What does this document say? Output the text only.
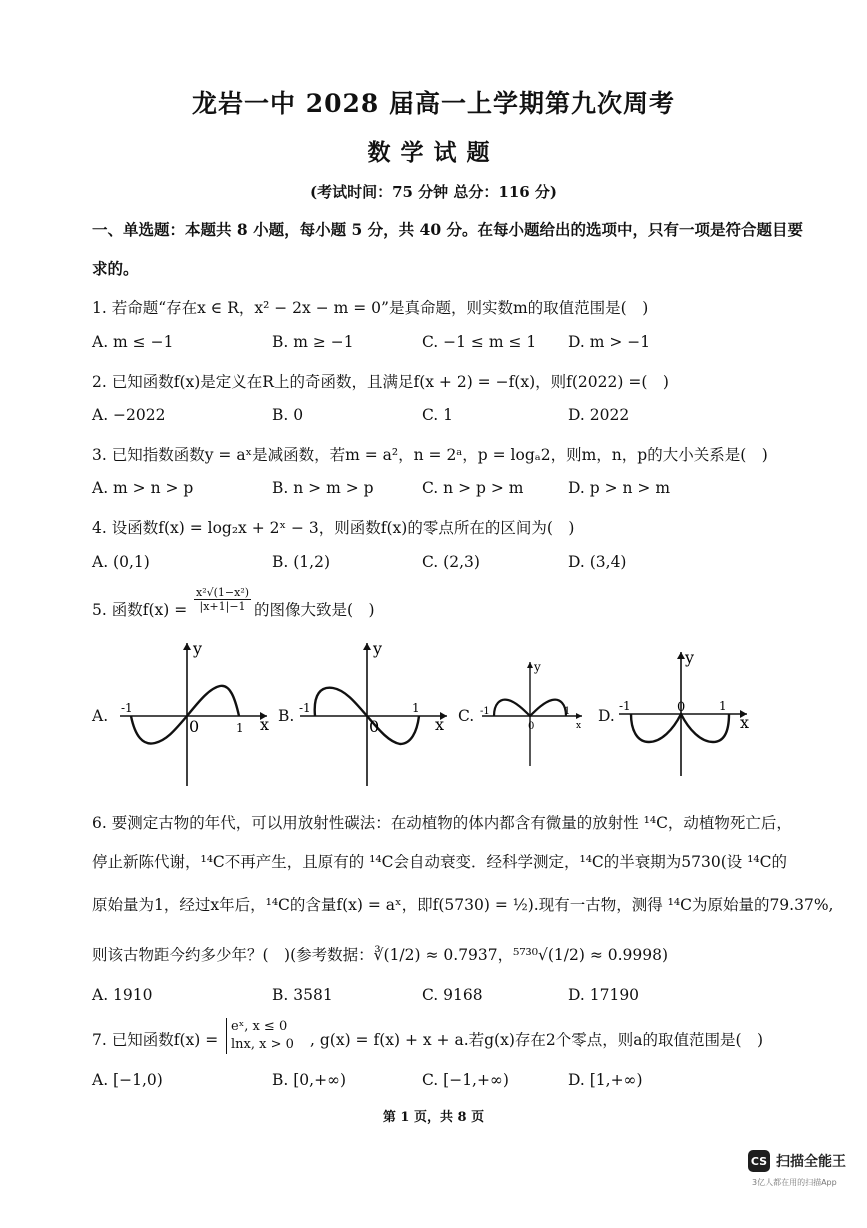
龙岩一中 2028 届高一上学期第九次周考
数学试题
(考试时间：75 分钟 总分：116 分)
一、单选题：本题共 8 小题，每小题 5 分，共 40 分。在每小题给出的选项中，只有一项是符合题目要
求的。
1. 若命题“存在x ∈ R，x² − 2x − m = 0”是真命题，则实数m的取值范围是(　)
A. m ≤ −1	B. m ≥ −1	C. −1 ≤ m ≤ 1 D. m > −1
2. 已知函数f(x)是定义在R上的奇函数，且满足f(x + 2) = −f(x)，则f(2022) =(　)
A. −2022	B. 0	C. 1	D. 2022
3. 已知指数函数y = aˣ是减函数，若m = a²，n = 2ᵃ，p = logₐ2，则m，n，p的大小关系是(　)
A. m > n > p	B. n > m > p	C. n > p > m	D. p > n > m
4. 设函数f(x) = log₂x + 2ˣ − 3，则函数f(x)的零点所在的区间为(　)
A. (0,1)	B. (1,2)	C. (2,3)	D. (3,4)
5. 函数$f(x) = \frac{\text{x²√(1−x²)}}{|x+1|-1}$ 的图像大致是(　)
A.	B.	C.	D.
y
x
0
-1
1
y
x
0
-1	1
y
x
0
-1	1
y
x
0
-1	1
6. 要测定古物的年代，可以用放射性碳法：在动植物的体内都含有微量的放射性 ¹⁴C，动植物死亡后，
停止新陈代谢，¹⁴C不再产生，且原有的 ¹⁴C会自动衰变．经科学测定，¹⁴C的半衰期为5730(设 ¹⁴C的
原始量为1，经过x年后，¹⁴C的含量f(x) = aˣ，即f(5730) = ½).现有一古物，测得 ¹⁴C为原始量的79.37%,
则该古物距今约多少年？(　)(参考数据：∛(1/2) ≈ 0.7937，⁵⁷³⁰√(1/2) ≈ 0.9998)
A. 1910	B. 3581	C. 9168	D. 17190
7. 已知函数f(x) =
eˣ, x ≤ 0
lnx, x > 0 , g(x) = f(x) + x + a.若g(x)存在2个零点，则a的取值范围是(　)
A. [−1,0)	B. [0,+∞)	C. [−1,+∞)	D. [1,+∞)
第 1 页，共 8 页
CS 扫描全能王
3亿人都在用的扫描App
